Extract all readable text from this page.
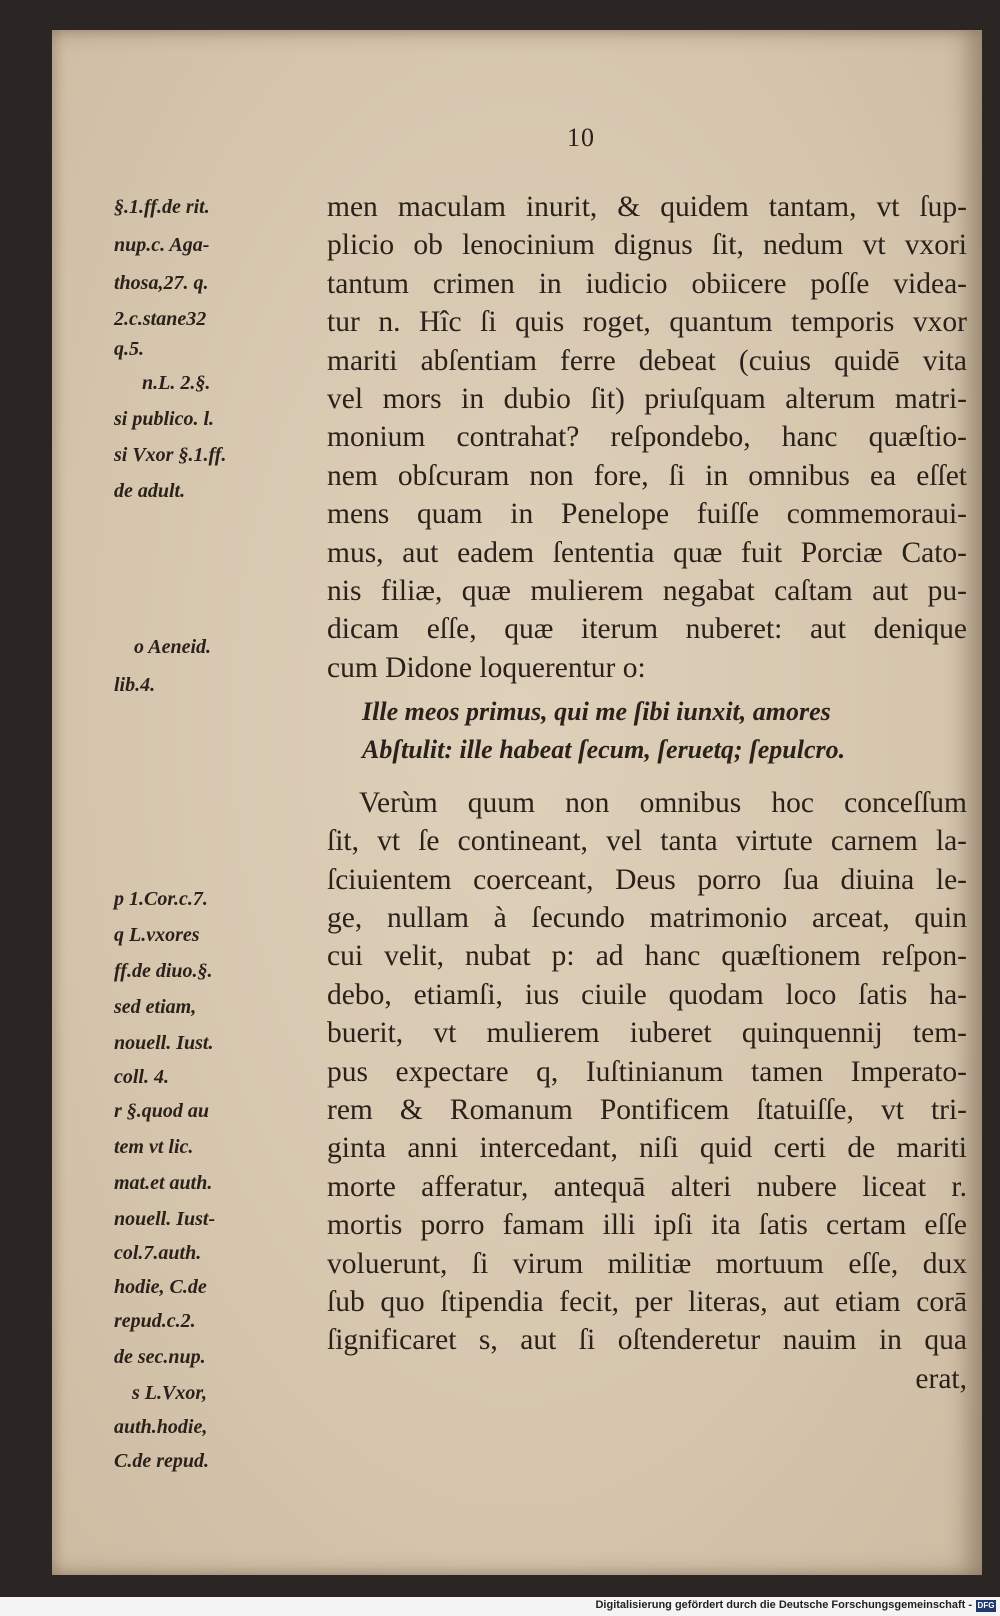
10
§.1.ff.de rit.
nup.c. Aga-
thosa,27. q.
2.c.stane32
q.5.
n.L. 2.§.
si publico. l.
si Vxor §.1.ff.
de adult.
o Aeneid.
lib.4.
p 1.Cor.c.7.
q L.vxores
ff.de diuo.§.
sed etiam,
nouell. Iust.
coll. 4.
r §.quod au
tem vt lic.
mat.et auth.
nouell. Iust-
col.7.auth.
hodie, C.de
repud.c.2.
de sec.nup.
s L.Vxor,
auth.hodie,
C.de repud.
men maculam inurit, & quidem tantam, vt ſup-
plicio ob lenocinium dignus ſit, nedum vt vxori
tantum crimen in iudicio obiicere poſſe videa-
tur n. Hîc ſi quis roget, quantum temporis vxor
mariti abſentiam ferre debeat (cuius quidē vita
vel mors in dubio ſit) priuſquam alterum matri-
monium contrahat? reſpondebo, hanc quæſtio-
nem obſcuram non fore, ſi in omnibus ea eſſet
mens quam in Penelope fuiſſe commemoraui-
mus, aut eadem ſententia quæ fuit Porciæ Cato-
nis filiæ, quæ mulierem negabat caſtam aut pu-
dicam eſſe, quæ iterum nuberet: aut denique
cum Didone loquerentur o:
Ille meos primus, qui me ſibi iunxit, amores
Abſtulit: ille habeat ſecum, ſeruetq; ſepulcro.
Verùm quum non omnibus hoc conceſſum
ſit, vt ſe contineant, vel tanta virtute carnem la-
ſciuientem coerceant, Deus porro ſua diuina le-
ge, nullam à ſecundo matrimonio arceat, quin
cui velit, nubat p: ad hanc quæſtionem reſpon-
debo, etiamſi, ius ciuile quodam loco ſatis ha-
buerit, vt mulierem iuberet quinquennij tem-
pus expectare q, Iuſtinianum tamen Imperato-
rem & Romanum Pontificem ſtatuiſſe, vt tri-
ginta anni intercedant, niſi quid certi de mariti
morte afferatur, antequā alteri nubere liceat r.
mortis porro famam illi ipſi ita ſatis certam eſſe
voluerunt, ſi virum militiæ mortuum eſſe, dux
ſub quo ſtipendia fecit, per literas, aut etiam corā
ſignificaret s, aut ſi oſtenderetur nauim in qua
erat,
Digitalisierung gefördert durch die Deutsche Forschungsgemeinschaft - DFG
